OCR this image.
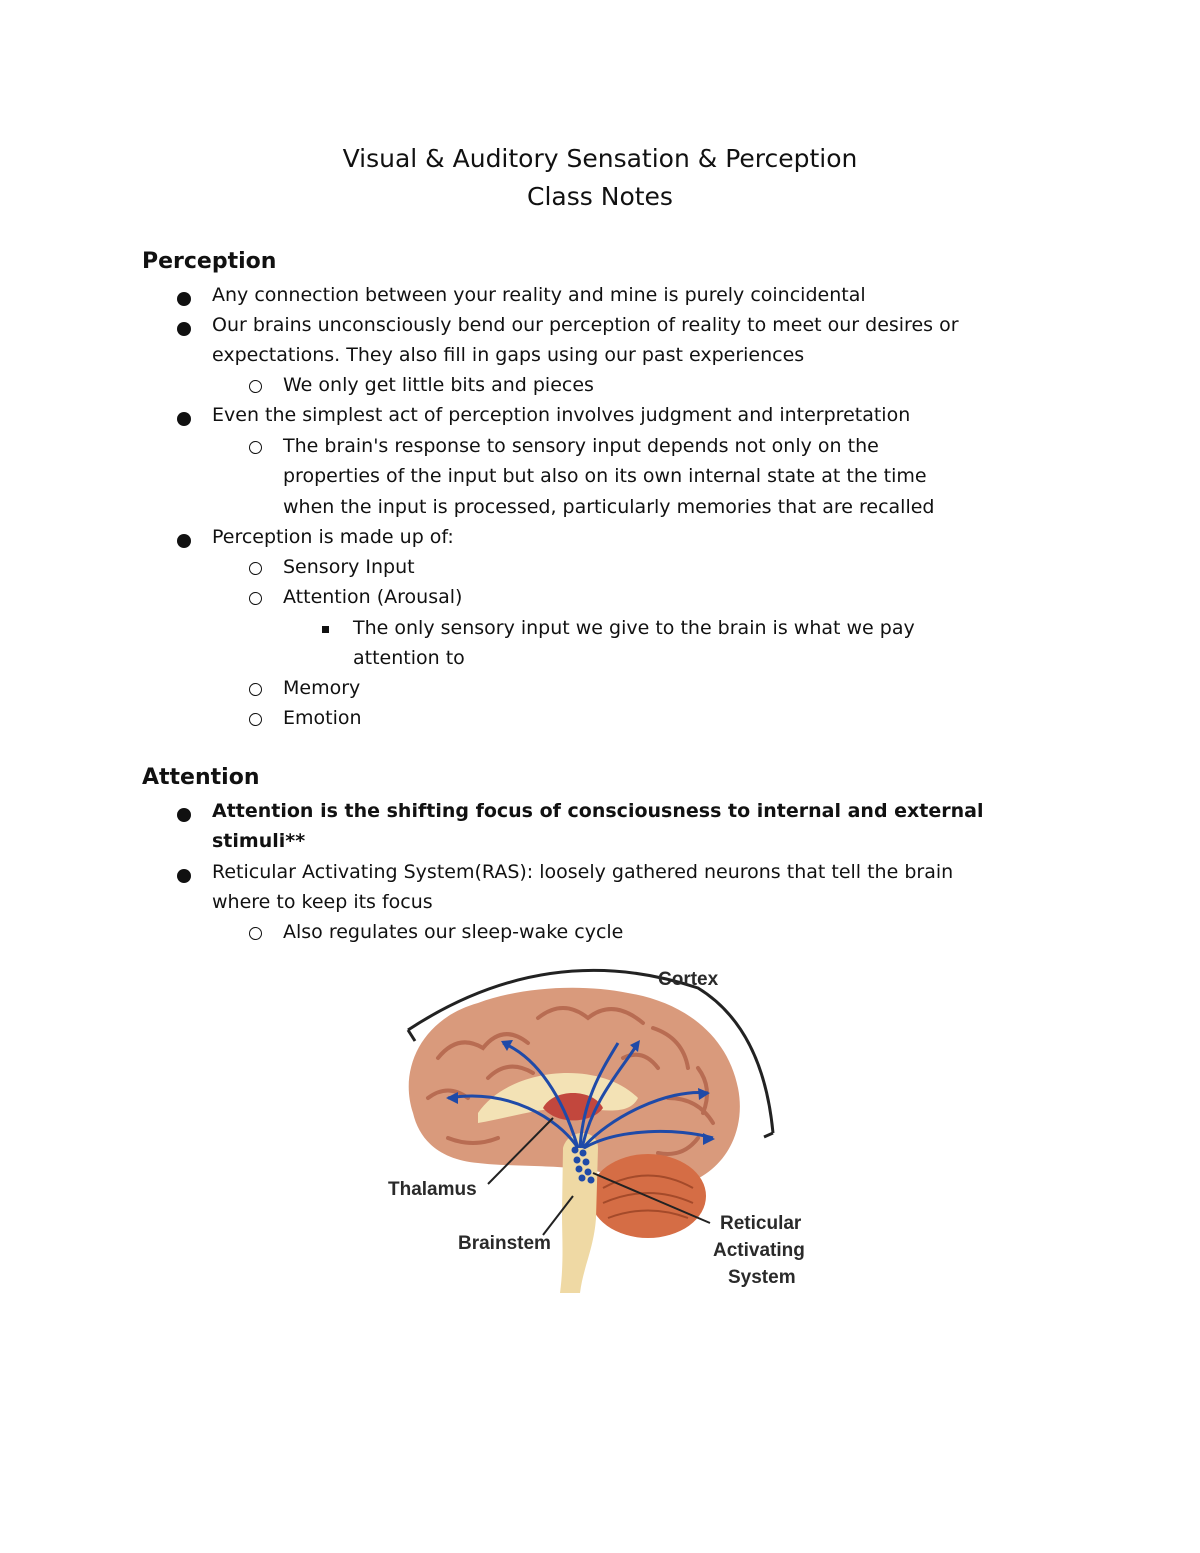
Visual & Auditory Sensation & Perception
Class Notes
Perception
Any connection between your reality and mine is purely coincidental
Our brains unconsciously bend our perception of reality to meet our desires or
expectations. They also fill in gaps using our past experiences
We only get little bits and pieces
Even the simplest act of perception involves judgment and interpretation
The brain's response to sensory input depends not only on the
properties of the input but also on its own internal state at the time
when the input is processed, particularly memories that are recalled
Perception is made up of:
Sensory Input
Attention (Arousal)
The only sensory input we give to the brain is what we pay
attention to
Memory
Emotion
Attention
Attention is the shifting focus of consciousness to internal and external
stimuli**
Reticular Activating System(RAS): loosely gathered neurons that tell the brain
where to keep its focus
Also regulates our sleep-wake cycle
Cortex
Thalamus
Brainstem
Reticular
Activating
System
